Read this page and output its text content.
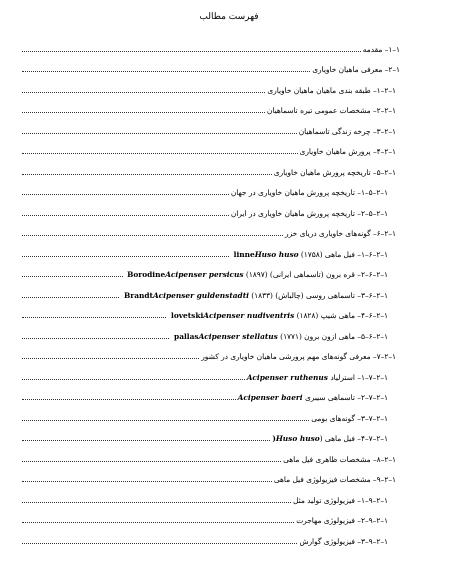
فهرست مطالب
۱–۱– مقدمه
۱–۲– معرفی ماهیان خاویاری
۱–۲–۱– طبقه بندی ماهیان ماهیان خاویاری
۱–۲–۲– مشخصات عمومی تیره تاسماهیان
۱–۲–۳– چرخه زندگی تاسماهیان
۱–۲–۴– پرورش ماهیان خاویاری
۱–۲–۵– تاریخچه پرورش ماهیان خاویاری
۱–۲–۵–۱– تاریخچه پرورش ماهیان خاویاری در جهان
۱–۲–۵–۲– تاریخچه پرورش ماهیان خاویاری در ایران
۱–۲–۶– گونه‌های خاویاری دریای خزر
۱–۲–۶–۱– فیل ماهی (۱۷۵۸) Huso huso linne
۱–۲–۶–۲– قره برون (تاسماهی ایرانی) (۱۸۹۷) Acipenser persicus Borodine
۱–۲–۶–۳– تاسماهی روسی (چالباش) (۱۸۳۳) Acipenser guldenstadti Brandt
۱–۲–۶–۴– ماهی شیپ (۱۸۲۸) Acipenser nudiventris lovetski
۱–۲–۶–۵– ماهی ازون برون (۱۷۷۱) Acipenser stellatus pallas
۱–۲–۷– معرفی گونه‌های مهم پرورشی ماهیان خاویاری در کشور
۱–۲–۷–۱– استرلیاد Acipenser ruthenus
۱–۲–۷–۲– تاسماهی سیبری Acipenser baeri
۱–۲–۷–۳– گونه‌های بومی
۱–۲–۷–۴– فیل ماهی (Huso huso)
۱–۲–۸– مشخصات ظاهری فیل ماهی
۱–۲–۹– مشخصات فیزیولوژی فیل ماهی
۱–۲–۹–۱– فیزیولوژی تولید مثل
۱–۲–۹–۲– فیزیولوژی مهاجرت
۱–۲–۹–۳– فیزیولوژی گوارش
